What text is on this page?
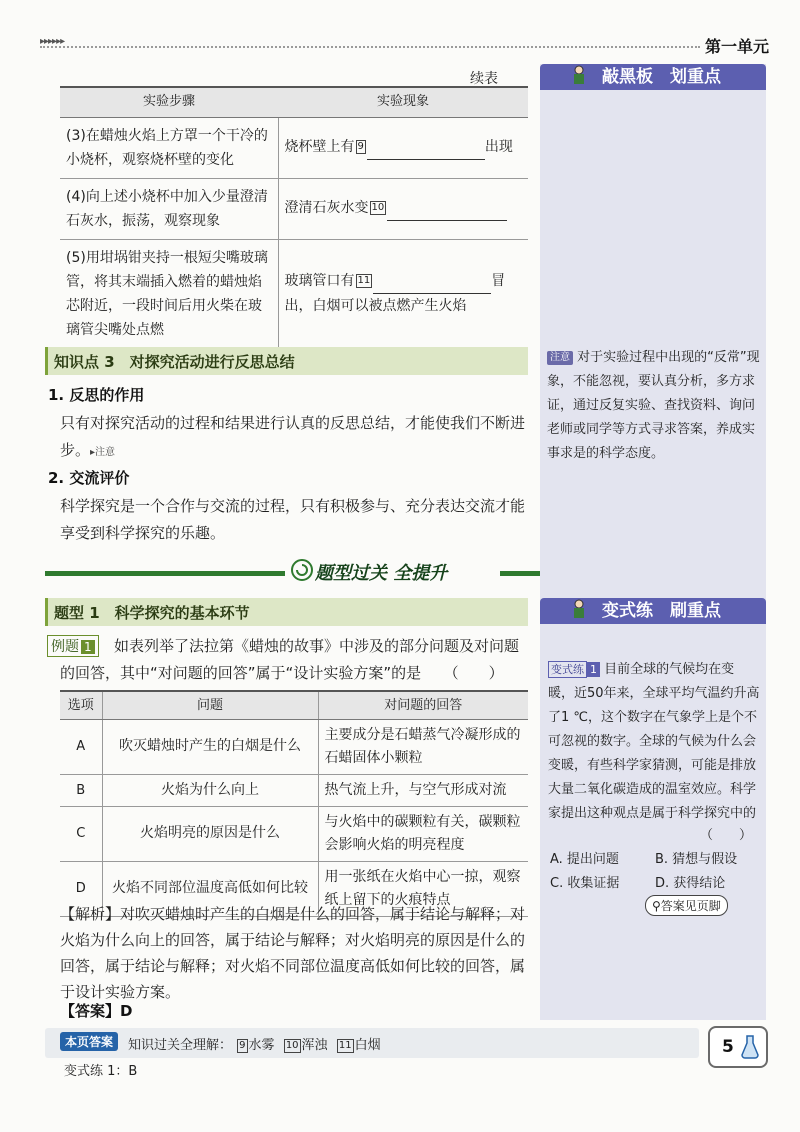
▸▸▸▸▸▸	第一单元
续表
实验步骤	实验现象
(3)在蜡烛火焰上方罩一个干冷的小烧杯，观察烧杯壁的变化	烧杯壁上有 9 出现
(4)向上述小烧杯中加入少量澄清石灰水，振荡，观察现象	澄清石灰水变 10
(5)用坩埚钳夹持一根短尖嘴玻璃管，将其末端插入燃着的蜡烛焰芯附近，一段时间后用火柴在玻璃管尖嘴处点燃	玻璃管口有 11 冒
出，白烟可以被点燃产生火焰
知识点 3　对探究活动进行反思总结
1. 反思的作用
只有对探究活动的过程和结果进行认真的反思总结，才能使我们不断进步。▸注意
2. 交流评价
科学探究是一个合作与交流的过程，只有积极参与、充分表达交流才能享受到科学探究的乐趣。
题型过关 全提升
题型 1　科学探究的基本环节
例题 1	如表列举了法拉第《蜡烛的故事》中涉及的部分问题及对问题的回答，其中“对问题的回答”属于“设计实验方案”的是　　（　　）
选项	问题	对问题的回答
A	吹灭蜡烛时产生的白烟是什么	主要成分是石蜡蒸气冷凝形成的石蜡固体小颗粒
B	火焰为什么向上	热气流上升，与空气形成对流
C	火焰明亮的原因是什么	与火焰中的碳颗粒有关，碳颗粒会影响火焰的明亮程度
D	火焰不同部位温度高低如何比较	用一张纸在火焰中心一掠，观察纸上留下的火痕特点
【解析】对吹灭蜡烛时产生的白烟是什么的回答，属于结论与解释；对火焰为什么向上的回答，属于结论与解释；对火焰明亮的原因是什么的回答，属于结论与解释；对火焰不同部位温度高低如何比较的回答，属于设计实验方案。
【答案】D
敲黑板　划重点
注意 对于实验过程中出现的“反常”现象，不能忽视，要认真分析，多方求证，通过反复实验、查找资料、询问老师或同学等方式寻求答案，养成实事求是的科学态度。
变式练　刷重点
变式练 1 目前全球的气候均在变暖，近50年来，全球平均气温约升高了1 ℃，这个数字在气象学上是个不可忽视的数字。全球的气候为什么会变暖，有些科学家猜测，可能是排放大量二氧化碳造成的温室效应。科学家提出这种观点是属于科学探究中的
（　　）
A. 提出问题	B. 猜想与假设
C. 收集证据	D. 获得结论
⚲答案见页脚
本页答案	知识过关全理解： 9 水雾 10 浑浊 11 白烟
变式练 1：B
5
